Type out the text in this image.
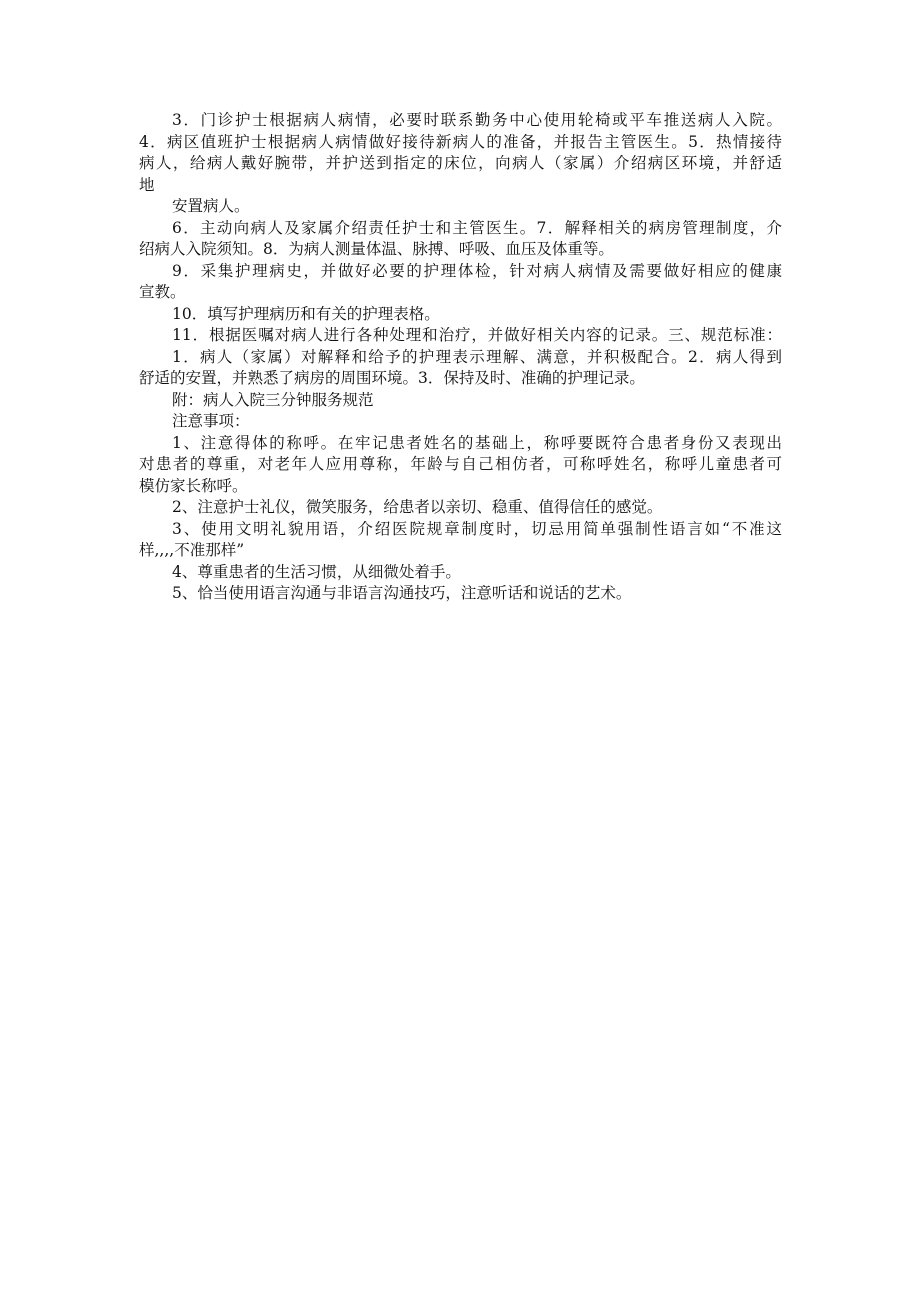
3．门诊护士根据病人病情，必要时联系勤务中心使用轮椅或平车推送病人入院。

4．病区值班护士根据病人病情做好接待新病人的准备，并报告主管医生。5．热情接待

病人，给病人戴好腕带，并护送到指定的床位，向病人（家属）介绍病区环境，并舒适

地

安置病人。

6．主动向病人及家属介绍责任护士和主管医生。7．解释相关的病房管理制度，介

绍病人入院须知。8．为病人测量体温、脉搏、呼吸、血压及体重等。

9．采集护理病史，并做好必要的护理体检，针对病人病情及需要做好相应的健康

宣教。

10．填写护理病历和有关的护理表格。

11．根据医嘱对病人进行各种处理和治疗，并做好相关内容的记录。三、规范标准：

1．病人（家属）对解释和给予的护理表示理解、满意，并积极配合。2．病人得到

舒适的安置，并熟悉了病房的周围环境。3．保持及时、准确的护理记录。

附：病人入院三分钟服务规范

注意事项：

1、注意得体的称呼。在牢记患者姓名的基础上，称呼要既符合患者身份又表现出

对患者的尊重，对老年人应用尊称，年龄与自己相仿者，可称呼姓名，称呼儿童患者可

模仿家长称呼。

2、注意护士礼仪，微笑服务，给患者以亲切、稳重、值得信任的感觉。

3、使用文明礼貌用语，介绍医院规章制度时，切忌用简单强制性语言如“不准这

样,,,,不准那样”

4、尊重患者的生活习惯，从细微处着手。

5、恰当使用语言沟通与非语言沟通技巧，注意听话和说话的艺术。
